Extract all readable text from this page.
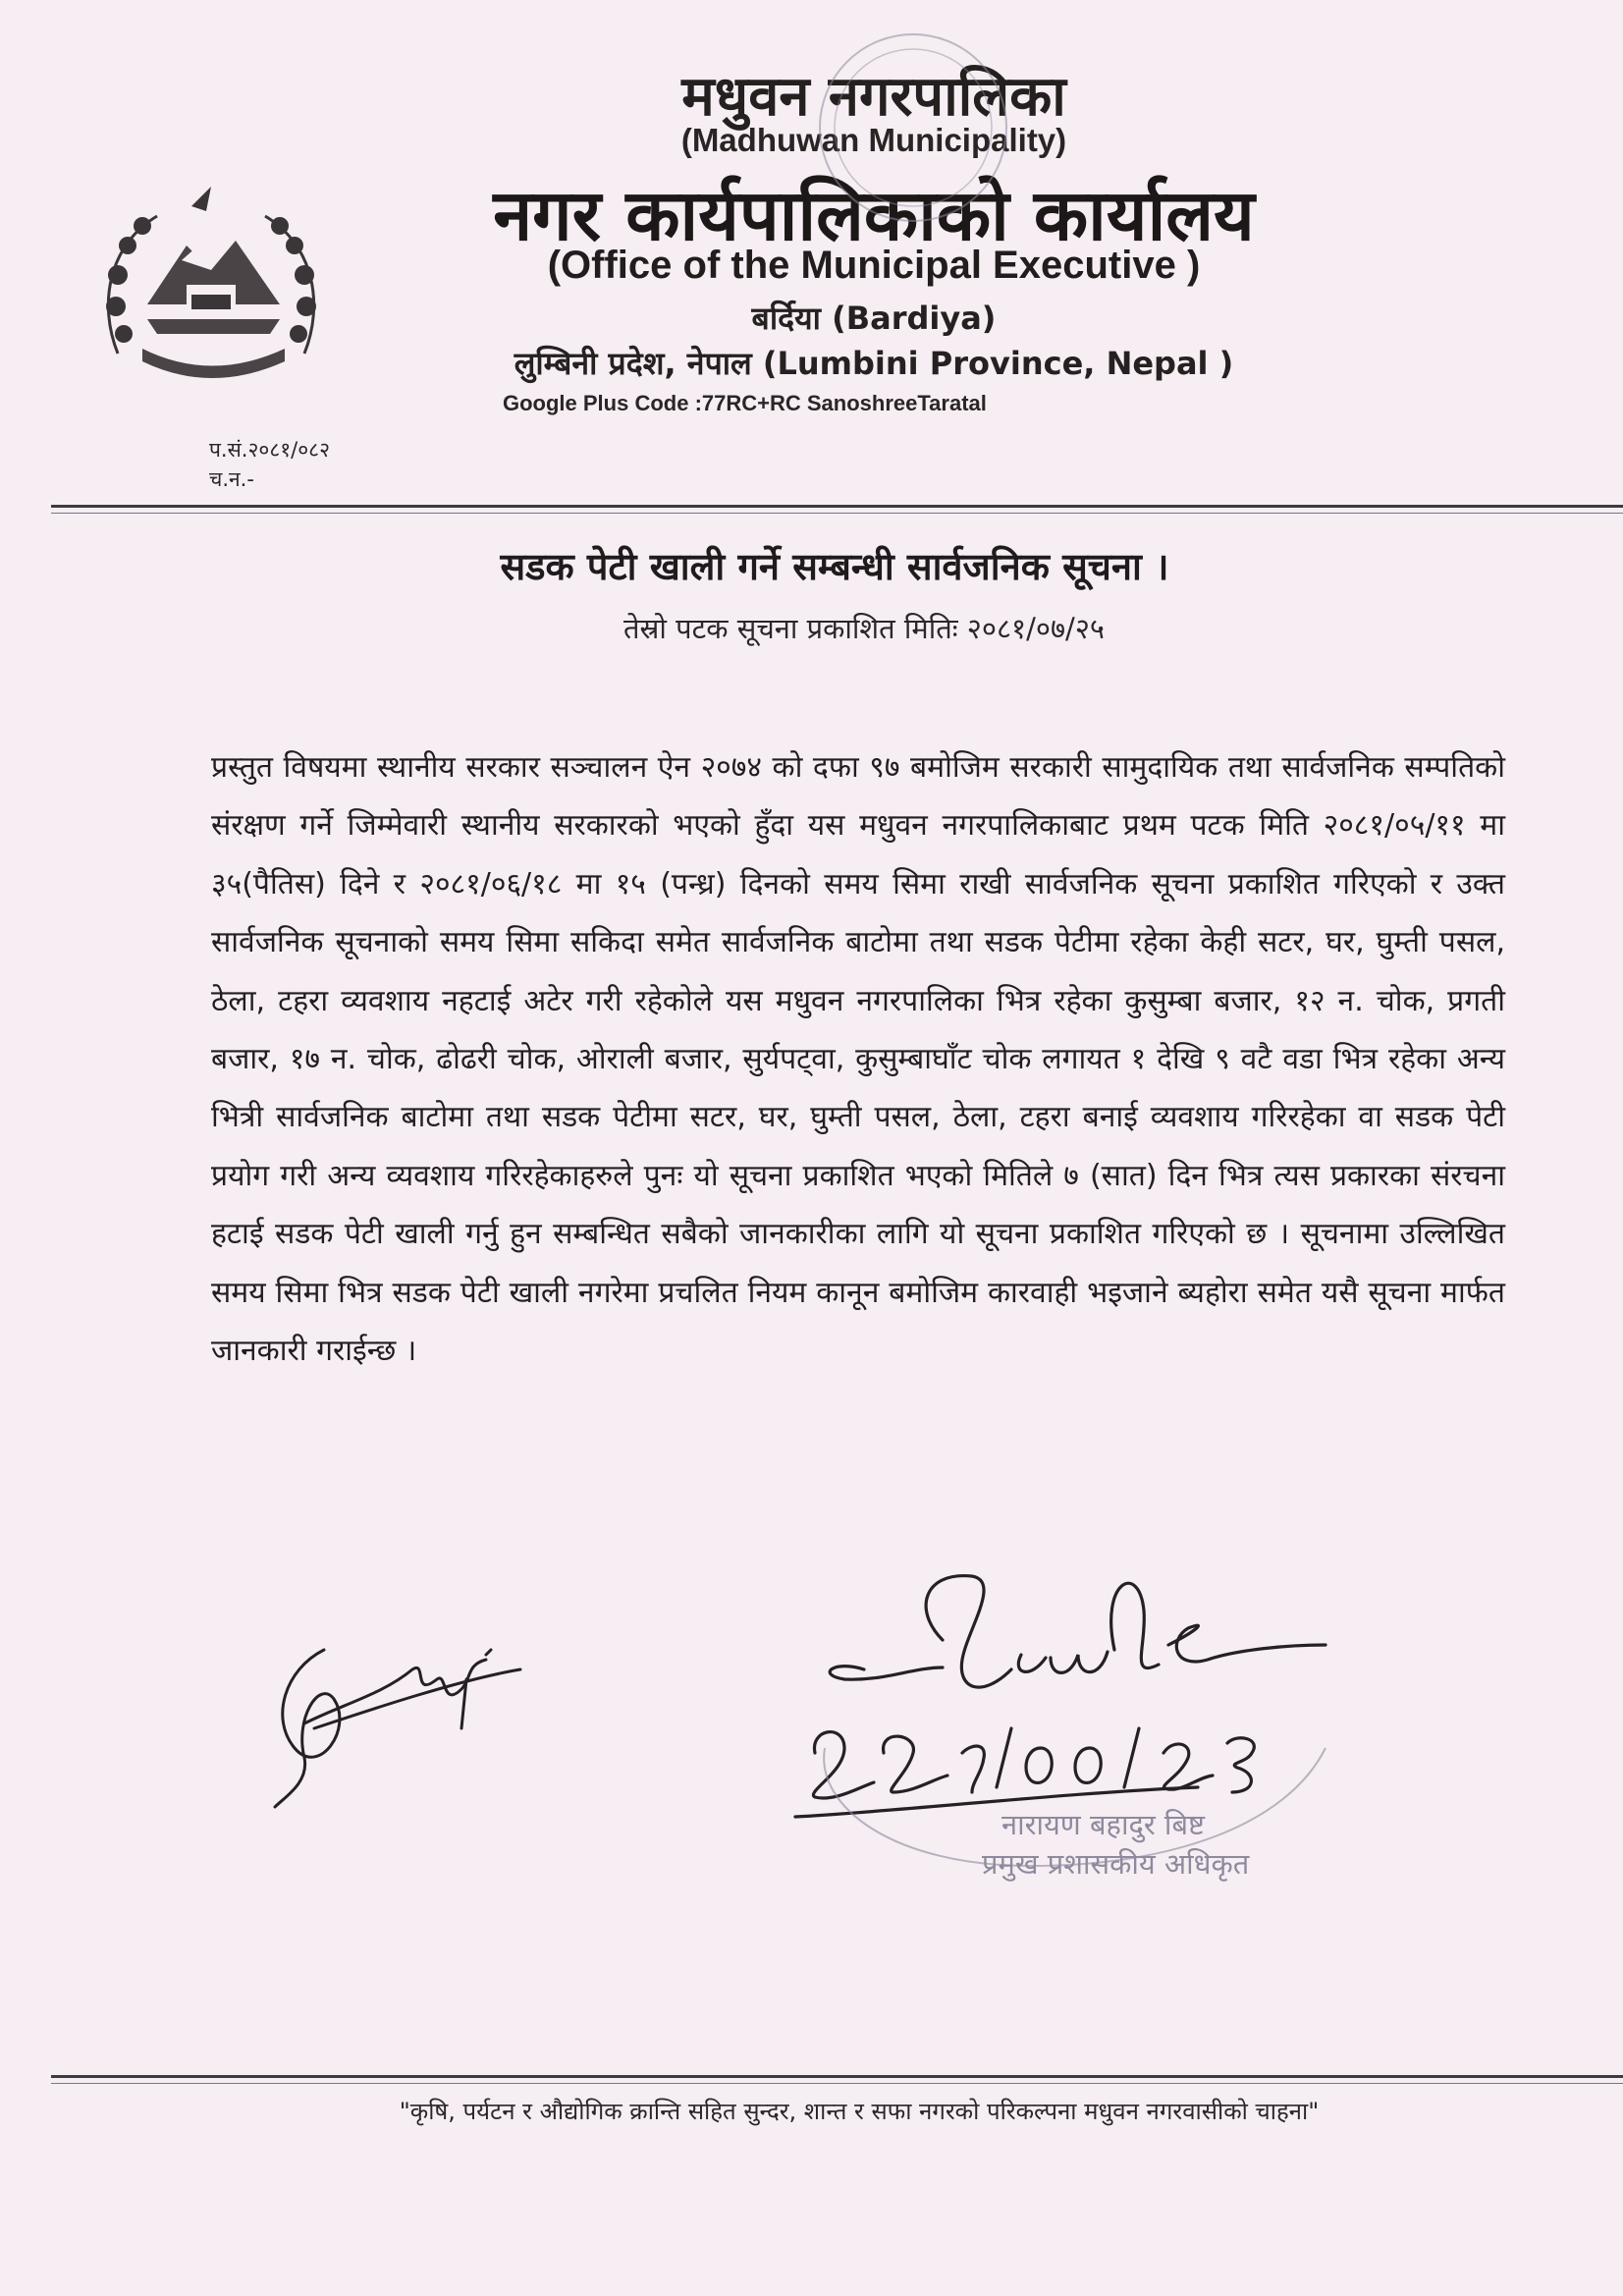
मधुवन नगरपालिका
(Madhuwan Municipality)
नगर कार्यपालिकाको कार्यालय
(Office of the Municipal Executive )
बर्दिया (Bardiya)
लुम्बिनी प्रदेश, नेपाल (Lumbini Province, Nepal )
Google Plus Code :77RC+RC SanoshreeTaratal
प.सं.२०८१/०८२
च.न.-
सडक पेटी खाली गर्ने सम्बन्धी सार्वजनिक सूचना ।
तेस्रो पटक सूचना प्रकाशित मितिः २०८१/०७/२५
प्रस्तुत विषयमा स्थानीय सरकार सञ्चालन ऐन २०७४ को दफा ९७ बमोजिम सरकारी सामुदायिक तथा सार्वजनिक सम्पतिको संरक्षण गर्ने जिम्मेवारी स्थानीय सरकारको भएको हुँदा यस मधुवन नगरपालिकाबाट प्रथम पटक मिति २०८१/०५/११ मा ३५(पैतिस) दिने र २०८१/०६/१८ मा १५ (पन्ध्र) दिनको समय सिमा राखी सार्वजनिक सूचना प्रकाशित गरिएको र उक्त सार्वजनिक सूचनाको समय सिमा सकिदा समेत सार्वजनिक बाटोमा तथा सडक पेटीमा रहेका केही सटर, घर, घुम्ती पसल, ठेला, टहरा व्यवशाय नहटाई अटेर गरी रहेकोले यस मधुवन नगरपालिका भित्र रहेका कुसुम्बा बजार, १२ न. चोक, प्रगती बजार, १७ न. चोक, ढोढरी चोक, ओराली बजार, सुर्यपट्वा, कुसुम्बाघाँट चोक लगायत १ देखि ९ वटै वडा भित्र रहेका अन्य भित्री सार्वजनिक बाटोमा तथा सडक पेटीमा सटर, घर, घुम्ती पसल, ठेला, टहरा बनाई व्यवशाय गरिरहेका वा सडक पेटी प्रयोग गरी अन्य व्यवशाय गरिरहेकाहरुले पुनः यो सूचना प्रकाशित भएको मितिले ७ (सात) दिन भित्र त्यस प्रकारका संरचना हटाई सडक पेटी खाली गर्नु हुन सम्बन्धित सबैको जानकारीका लागि यो सूचना प्रकाशित गरिएको छ । सूचनामा उल्लिखित समय सिमा भित्र सडक पेटी खाली नगरेमा प्रचलित नियम कानून बमोजिम कारवाही भइजाने ब्यहोरा समेत यसै सूचना मार्फत जानकारी गराईन्छ ।
नारायण बहादुर बिष्ट
प्रमुख प्रशासकीय अधिकृत
"कृषि, पर्यटन र औद्योगिक क्रान्ति सहित सुन्दर, शान्त र सफा नगरको परिकल्पना मधुवन नगरवासीको चाहना"
